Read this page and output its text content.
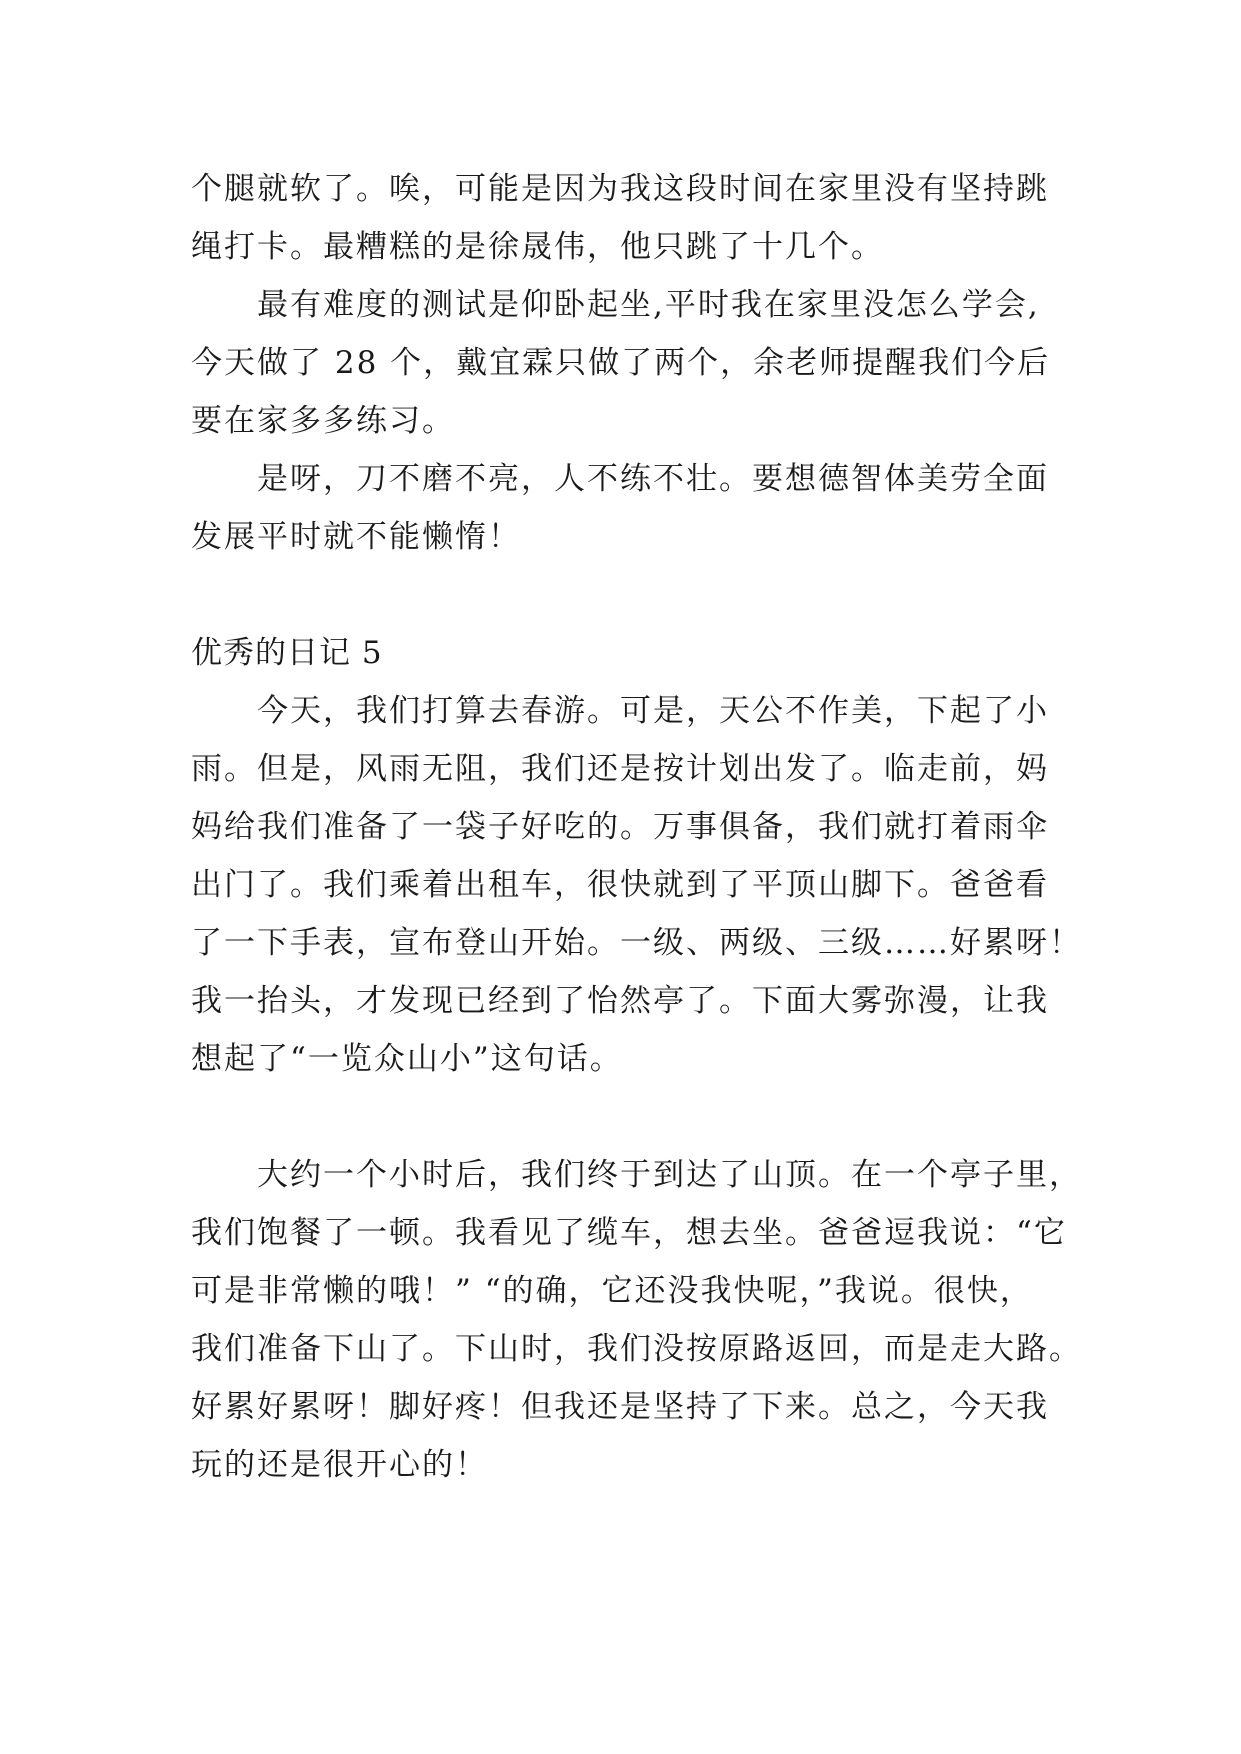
个腿就软了。唉，可能是因为我这段时间在家里没有坚持跳
绳打卡。最糟糕的是徐晟伟，他只跳了十几个。
最有难度的测试是仰卧起坐,平时我在家里没怎么学会,
今天做了 28 个，戴宜霖只做了两个，余老师提醒我们今后
要在家多多练习。
是呀，刀不磨不亮，人不练不壮。要想德智体美劳全面
发展平时就不能懒惰！
优秀的日记 5
今天，我们打算去春游。可是，天公不作美，下起了小
雨。但是，风雨无阻，我们还是按计划出发了。临走前，妈
妈给我们准备了一袋子好吃的。万事俱备，我们就打着雨伞
出门了。我们乘着出租车，很快就到了平顶山脚下。爸爸看
了一下手表，宣布登山开始。一级、两级、三级……好累呀！
我一抬头，才发现已经到了怡然亭了。下面大雾弥漫，让我
想起了“一览众山小”这句话。
大约一个小时后，我们终于到达了山顶。在一个亭子里，
我们饱餐了一顿。我看见了缆车，想去坐。爸爸逗我说：“它
可是非常懒的哦！” “的确，它还没我快呢，”我说。很快，
我们准备下山了。下山时，我们没按原路返回，而是走大路。
好累好累呀！脚好疼！但我还是坚持了下来。总之，今天我
玩的还是很开心的！
